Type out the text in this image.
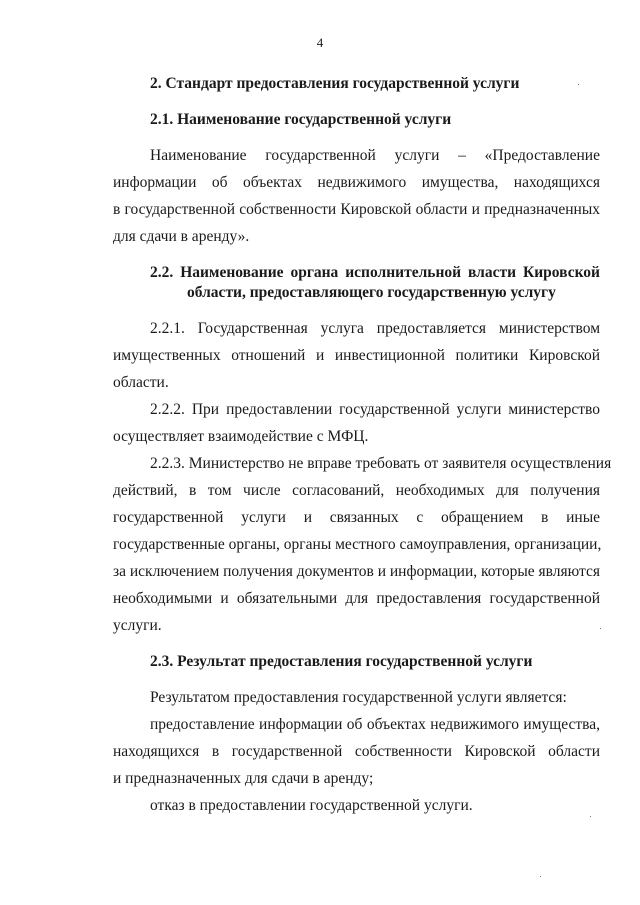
4
2. Стандарт предоставления государственной услуги
2.1. Наименование государственной услуги
Наименование государственной услуги – «Предоставление
информации об объектах недвижимого имущества, находящихся
в государственной собственности Кировской области и предназначенных
для сдачи в аренду».
2.2. Наименование органа исполнительной власти Кировской
области, предоставляющего государственную услугу
2.2.1. Государственная услуга предоставляется министерством
имущественных отношений и инвестиционной политики Кировской
области.
2.2.2. При предоставлении государственной услуги министерство
осуществляет взаимодействие с МФЦ.
2.2.3. Министерство не вправе требовать от заявителя осуществления
действий, в том числе согласований, необходимых для получения
государственной услуги и связанных с обращением в иные
государственные органы, органы местного самоуправления, организации,
за исключением получения документов и информации, которые являются
необходимыми и обязательными для предоставления государственной
услуги.
2.3. Результат предоставления государственной услуги
Результатом предоставления государственной услуги является:
предоставление информации об объектах недвижимого имущества,
находящихся в государственной собственности Кировской области
и предназначенных для сдачи в аренду;
отказ в предоставлении государственной услуги.
